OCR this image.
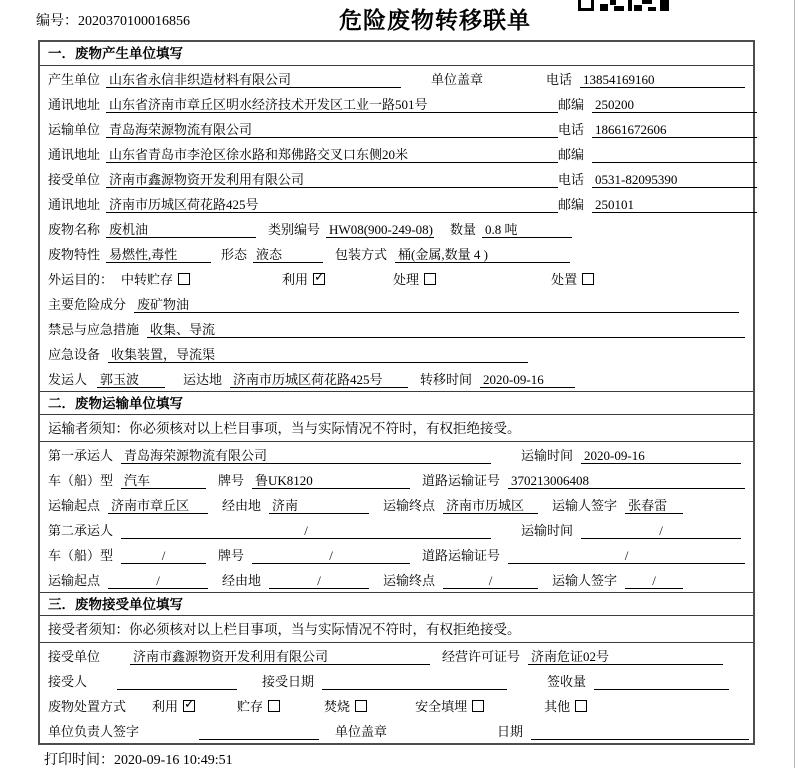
编号：2020370100016856	危险废物转移联单
一．废物产生单位填写
产生单位 山东省永信非织造材料有限公司	单位盖章	电话 13854169160
通讯地址 山东省济南市章丘区明水经济技术开发区工业一路501号	邮编 250200
运输单位 青岛海荣源物流有限公司	电话 18661672606
通讯地址 山东省青岛市李沧区徐水路和郑佛路交叉口东侧20米	邮编
接受单位 济南市鑫源物资开发利用有限公司	电话 0531-82095390
通讯地址 济南市历城区荷花路425号	邮编 250101
废物名称 废机油	类别编号 HW08(900-249-08) 数量 0.8 吨
废物特性 易燃性,毒性	形态 液态	包装方式 桶(金属,数量 4 )
外运目的： 中转贮存	利用 ✓	处理	处置
主要危险成分 废矿物油
禁忌与应急措施 收集、导流
应急设备 收集装置，导流渠
发运人 郭玉波	运达地 济南市历城区荷花路425号	转移时间 2020-09-16
二．废物运输单位填写
运输者须知：你必须核对以上栏目事项，当与实际情况不符时，有权拒绝接受。
第一承运人 青岛海荣源物流有限公司	运输时间 2020-09-16
车（船）型 汽车	牌号 鲁UK8120	道路运输证号 370213006408
运输起点 济南市章丘区	经由地 济南	运输终点 济南市历城区	运输人签字 张春雷
第二承运人	/	运输时间	/
车（船）型	/	牌号	/	道路运输证号	/
运输起点	/	经由地	/	运输终点	/	运输人签字	/
三．废物接受单位填写
接受者须知：你必须核对以上栏目事项，当与实际情况不符时，有权拒绝接受。
接受单位	济南市鑫源物资开发利用有限公司	经营许可证号 济南危证02号
接受人	接受日期	签收量
废物处置方式 利用 ✓	贮存	焚烧	安全填埋	其他
单位负责人签字	单位盖章	日期
打印时间：2020-09-16 10:49:51
